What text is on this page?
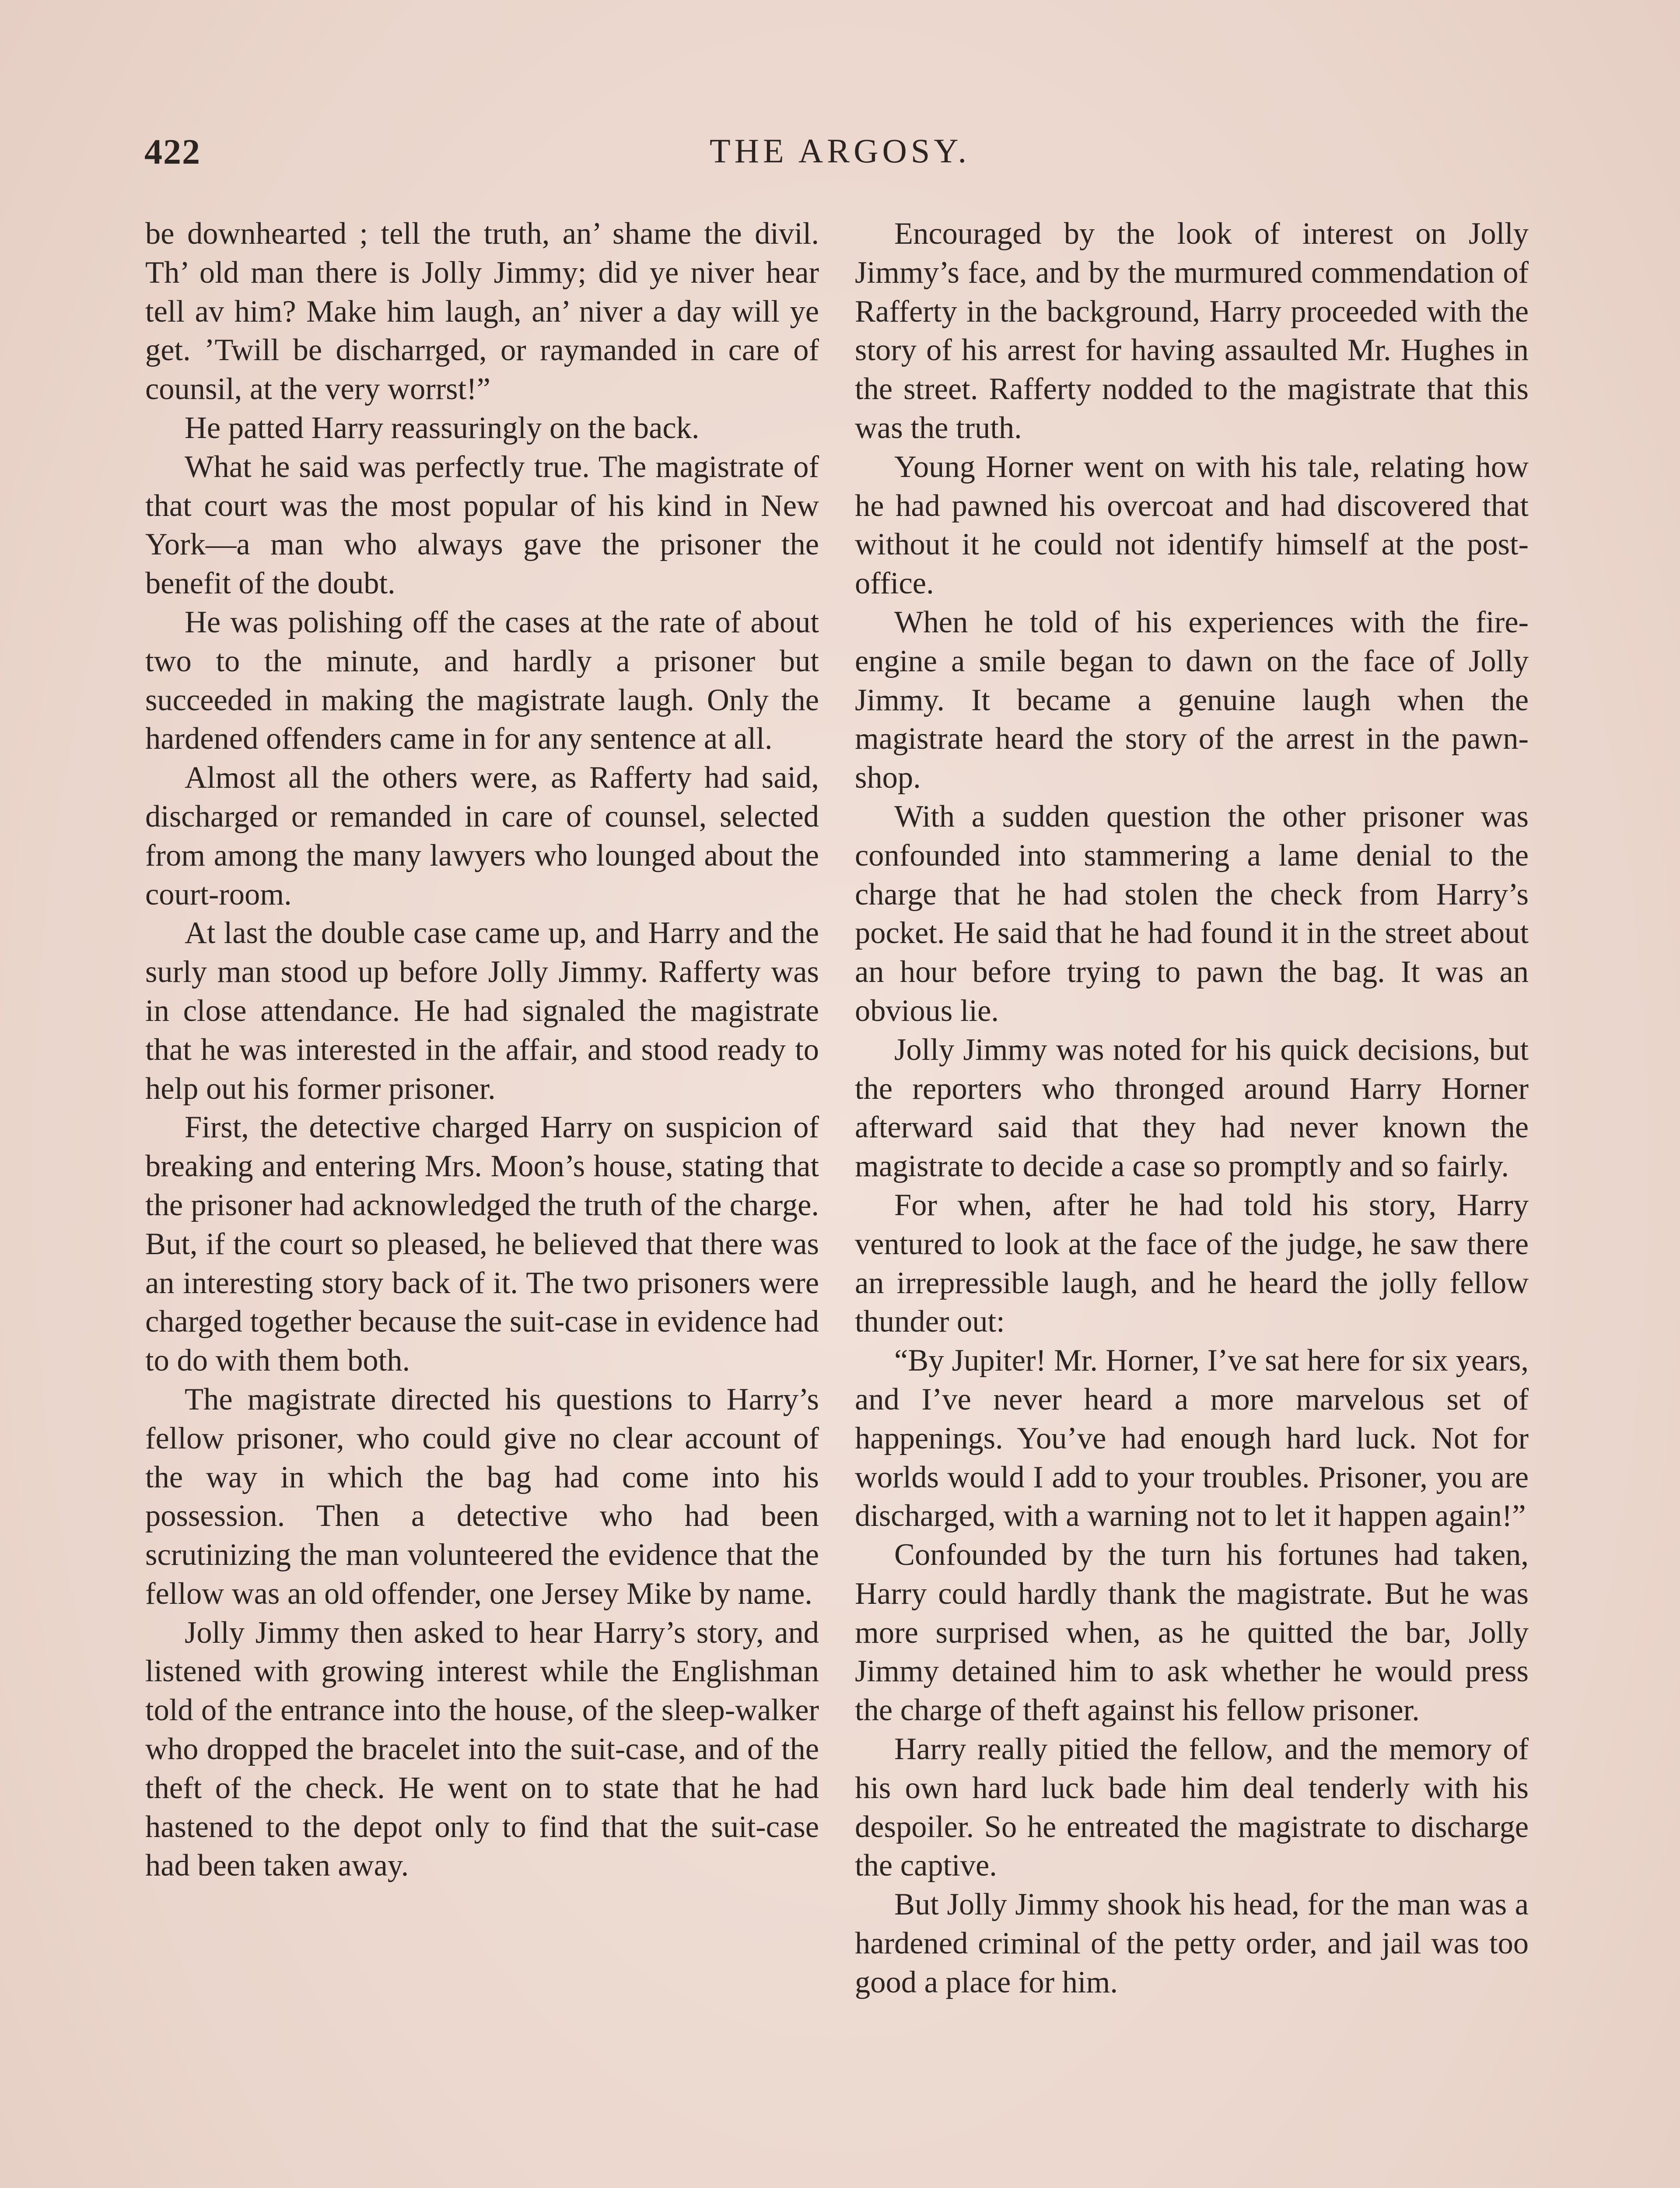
422	THE ARGOSY.

be downhearted ; tell the truth, an’ shame the divil. Th’ old man there is Jolly Jimmy; did ye niver hear tell av him? Make him laugh, an’ niver a day will ye get. ’Twill be discharrged, or raymanded in care of counsil, at the very worrst!”

He patted Harry reassuringly on the back.

What he said was perfectly true. The magistrate of that court was the most popular of his kind in New York—a man who always gave the prisoner the benefit of the doubt.

He was polishing off the cases at the rate of about two to the minute, and hardly a prisoner but succeeded in making the magistrate laugh. Only the hardened offenders came in for any sentence at all.

Almost all the others were, as Rafferty had said, discharged or remanded in care of counsel, selected from among the many lawyers who lounged about the court-room.

At last the double case came up, and Harry and the surly man stood up before Jolly Jimmy. Rafferty was in close attendance. He had signaled the magistrate that he was interested in the affair, and stood ready to help out his former prisoner.

First, the detective charged Harry on suspicion of breaking and entering Mrs. Moon’s house, stating that the prisoner had acknowledged the truth of the charge. But, if the court so pleased, he believed that there was an interesting story back of it. The two prisoners were charged together because the suit-case in evidence had to do with them both.

The magistrate directed his questions to Harry’s fellow prisoner, who could give no clear account of the way in which the bag had come into his possession. Then a detective who had been scrutinizing the man volunteered the evidence that the fellow was an old offender, one Jersey Mike by name.

Jolly Jimmy then asked to hear Harry’s story, and listened with growing interest while the Englishman told of the entrance into the house, of the sleep-walker who dropped the bracelet into the suit-case, and of the theft of the check. He went on to state that he had hastened to the depot only to find that the suit-case had been taken away.

Encouraged by the look of interest on Jolly Jimmy’s face, and by the murmured commendation of Rafferty in the background, Harry proceeded with the story of his arrest for having assaulted Mr. Hughes in the street. Rafferty nodded to the magistrate that this was the truth.

Young Horner went on with his tale, relating how he had pawned his overcoat and had discovered that without it he could not identify himself at the post-office.

When he told of his experiences with the fire-engine a smile began to dawn on the face of Jolly Jimmy. It became a genuine laugh when the magistrate heard the story of the arrest in the pawn-shop.

With a sudden question the other prisoner was confounded into stammering a lame denial to the charge that he had stolen the check from Harry’s pocket. He said that he had found it in the street about an hour before trying to pawn the bag. It was an obvious lie.

Jolly Jimmy was noted for his quick decisions, but the reporters who thronged around Harry Horner afterward said that they had never known the magistrate to decide a case so promptly and so fairly.

For when, after he had told his story, Harry ventured to look at the face of the judge, he saw there an irrepressible laugh, and he heard the jolly fellow thunder out:

“By Jupiter! Mr. Horner, I’ve sat here for six years, and I’ve never heard a more marvelous set of happenings. You’ve had enough hard luck. Not for worlds would I add to your troubles. Prisoner, you are discharged, with a warning not to let it happen again!”

Confounded by the turn his fortunes had taken, Harry could hardly thank the magistrate. But he was more surprised when, as he quitted the bar, Jolly Jimmy detained him to ask whether he would press the charge of theft against his fellow prisoner.

Harry really pitied the fellow, and the memory of his own hard luck bade him deal tenderly with his despoiler. So he entreated the magistrate to discharge the captive.

But Jolly Jimmy shook his head, for the man was a hardened criminal of the petty order, and jail was too good a place for him.
